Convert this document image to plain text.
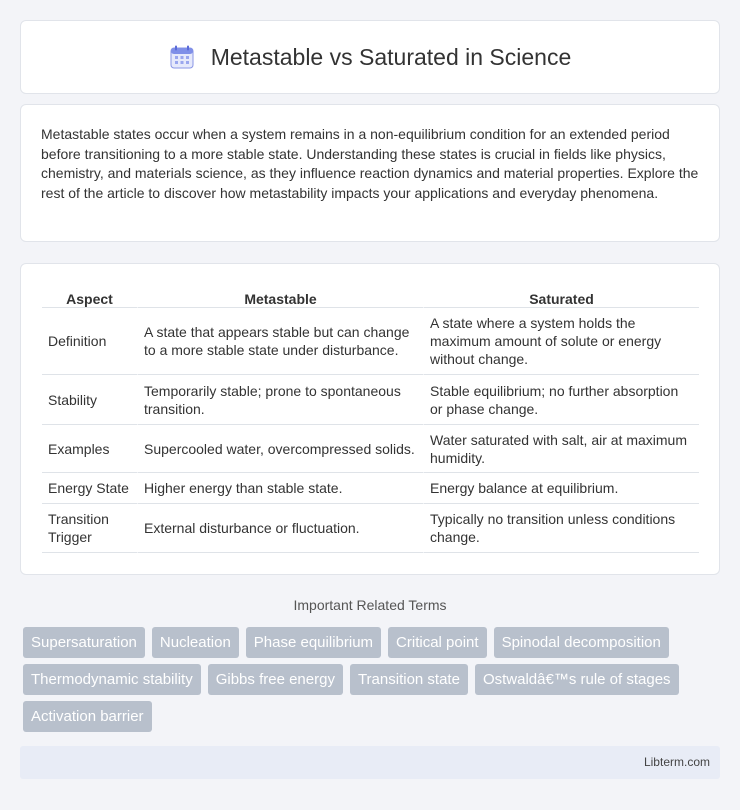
Metastable vs Saturated in Science

Metastable states occur when a system remains in a non-equilibrium condition for an extended period before transitioning to a more stable state. Understanding these states is crucial in fields like physics, chemistry, and materials science, as they influence reaction dynamics and material properties. Explore the rest of the article to discover how metastability impacts your applications and everyday phenomena.

Aspect	Metastable	Saturated
Definition	A state that appears stable but can change to a more stable state under disturbance.	A state where a system holds the maximum amount of solute or energy without change.
Stability	Temporarily stable; prone to spontaneous transition.	Stable equilibrium; no further absorption or phase change.
Examples	Supercooled water, overcompressed solids.	Water saturated with salt, air at maximum humidity.
Energy State	Higher energy than stable state.	Energy balance at equilibrium.
Transition Trigger	External disturbance or fluctuation.	Typically no transition unless conditions change.
Important Related Terms
Supersaturation	Nucleation	Phase equilibrium	Critical point	Spinodal decomposition
Thermodynamic stability	Gibbs free energy	Transition state	Ostwaldâ€™s rule of stages
Activation barrier
Libterm.com
